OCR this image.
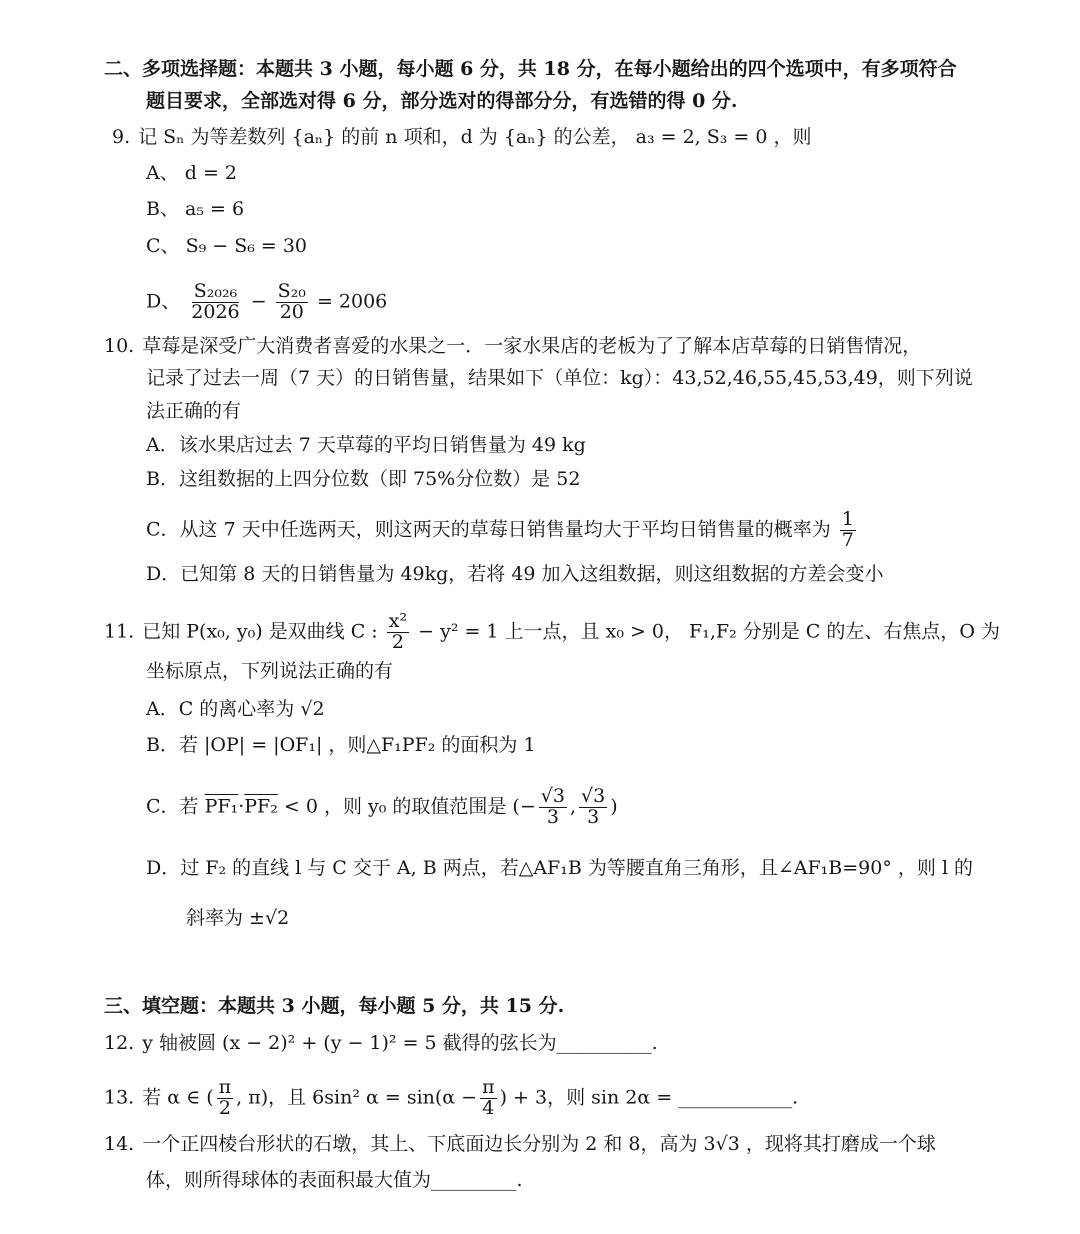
二、多项选择题：本题共 3 小题，每小题 6 分，共 18 分，在每小题给出的四个选项中，有多项符合
题目要求，全部选对得 6 分，部分选对的得部分分，有选错的得 0 分.
9. 记 Sₙ 为等差数列 {aₙ} 的前 n 项和，d 为 {aₙ} 的公差， a₃ = 2, S₃ = 0 ，则
A、 d = 2
B、 a₅ = 6
C、 S₉ − S₆ = 30
D、 $\frac{\text{S₂₀₂₆}}{2026} - \frac{\text{S₂₀}}{20} = 2006$
10. 草莓是深受广大消费者喜爱的水果之一．一家水果店的老板为了了解本店草莓的日销售情况，
记录了过去一周（7 天）的日销售量，结果如下（单位：kg）：43,52,46,55,45,53,49，则下列说
法正确的有
A．该水果店过去 7 天草莓的平均日销售量为 49 kg
B．这组数据的上四分位数（即 75%分位数）是 52
C．从这 7 天中任选两天，则这两天的草莓日销售量均大于平均日销售量的概率为 $\frac{1}{7}$
D．已知第 8 天的日销售量为 49kg，若将 49 加入这组数据，则这组数据的方差会变小
11. 已知 P(x₀, y₀) 是双曲线 C : $\frac{\text{x²}}{2} - y^2 = 1$ 上一点，且 x₀ > 0， F₁,F₂ 分别是 C 的左、右焦点，O 为
坐标原点，下列说法正确的有
A．C 的离心率为 √2
B．若 |OP| = |OF₁| ，则△F₁PF₂ 的面积为 1
C．若 PF₁·PF₂ < 0 ，则 y₀ 的取值范围是 (− $\frac{√3}{3}$ , $\frac{√3}{3}$ )
D．过 F₂ 的直线 l 与 C 交于 A, B 两点，若△AF₁B 为等腰直角三角形，且∠AF₁B=90° ，则 l 的
斜率为 ±√2
三、填空题：本题共 3 小题，每小题 5 分，共 15 分.
12. y 轴被圆 (x − 2)² + (y − 1)² = 5 截得的弦长为__________.
13. 若 α ∈ ( $\frac{\pi}{2}$ , π)，且 6sin² $\alpha = \sin(\alpha - \frac{\pi}{4}$ ) + 3，则 sin 2α = ____________.
14. 一个正四棱台形状的石墩，其上、下底面边长分别为 2 和 8，高为 3√3 ，现将其打磨成一个球
体，则所得球体的表面积最大值为_________.
